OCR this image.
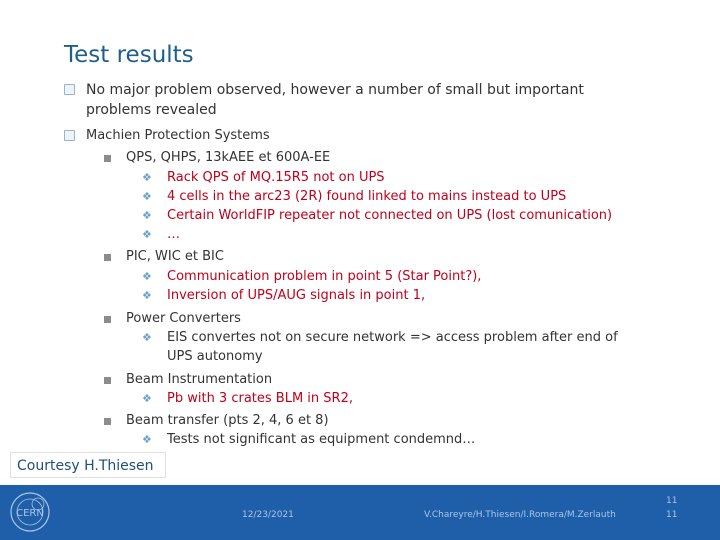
Test results
No major problem observed, however a number of small but important
problems revealed
Machien Protection Systems
QPS, QHPS, 13kAEE et 600A-EE
❖ Rack QPS of MQ.15R5 not on UPS
❖ 4 cells in the arc23 (2R) found linked to mains instead to UPS
❖ Certain WorldFIP repeater not connected on UPS (lost comunication)
❖ …
PIC, WIC et BIC
❖ Communication problem in point 5 (Star Point?),
❖ Inversion of UPS/AUG signals in point 1,
Power Converters
❖ EIS convertes not on secure network => access problem after end of
UPS autonomy
Beam Instrumentation
❖ Pb with 3 crates BLM in SR2,
Beam transfer (pts 2, 4, 6 et 8)
❖ Tests not significant as equipment condemnd…
Courtesy H.Thiesen
CERN	12/23/2021	V.Chareyre/H.Thiesen/I.Romera/M.Zerlauth
11
11
